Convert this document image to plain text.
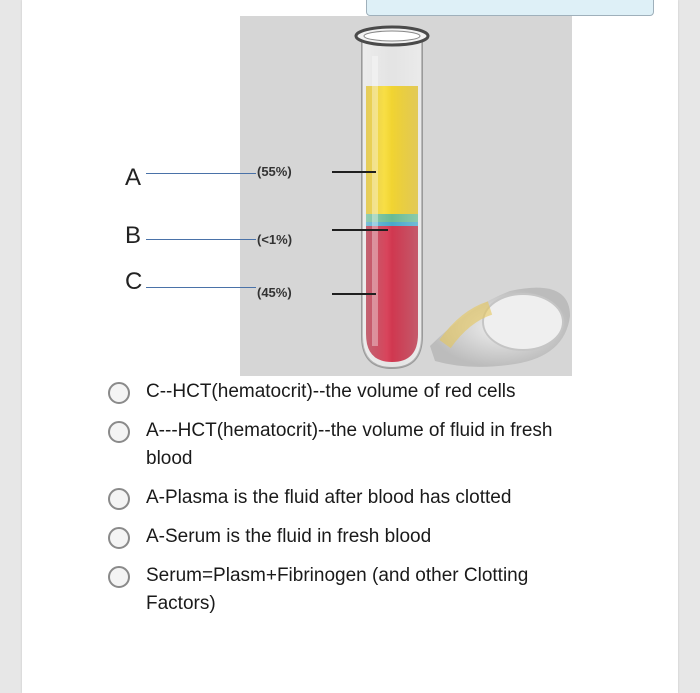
A
B
C
(55%)
(<1%)
(45%)
C--HCT(hematocrit)--the volume of red cells
A---HCT(hematocrit)--the volume of fluid in fresh blood
A-Plasma is the fluid after blood has clotted
A-Serum is the fluid in fresh blood
Serum=Plasm+Fibrinogen (and other Clotting Factors)
